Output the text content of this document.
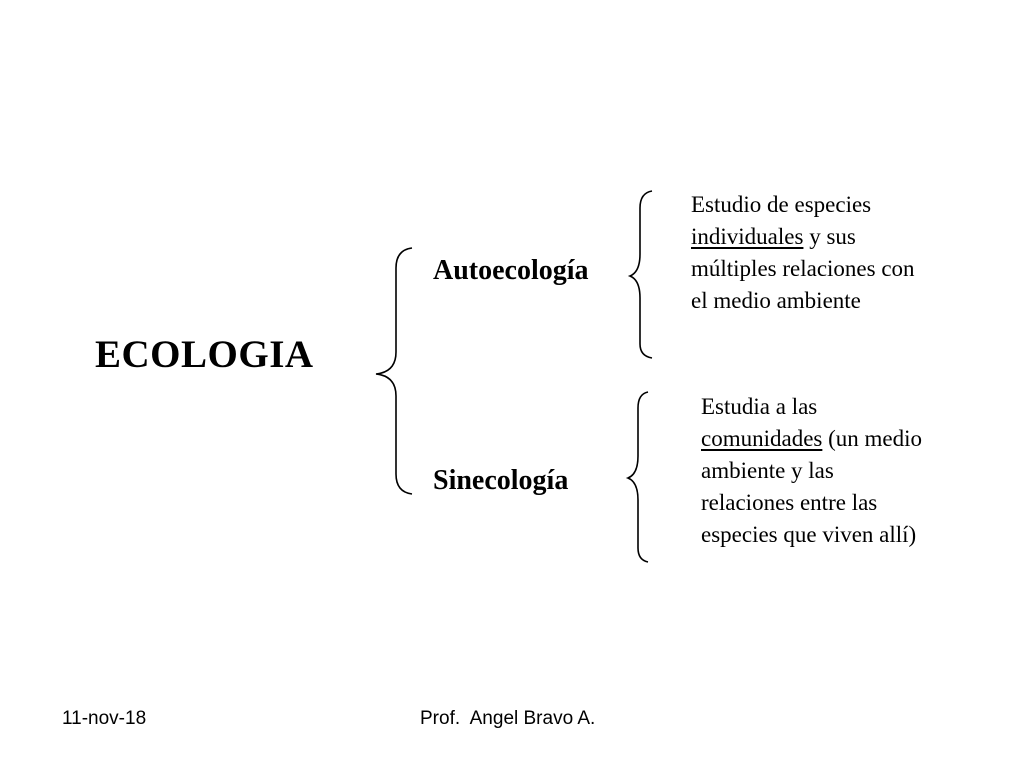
ECOLOGIA
Autoecología
Sinecología
Estudio de especies
individuales y sus
múltiples relaciones con
el medio ambiente
Estudia a las
comunidades (un medio
ambiente y las
relaciones entre las
especies que viven allí)
11-nov-18	Prof.  Angel Bravo A.
